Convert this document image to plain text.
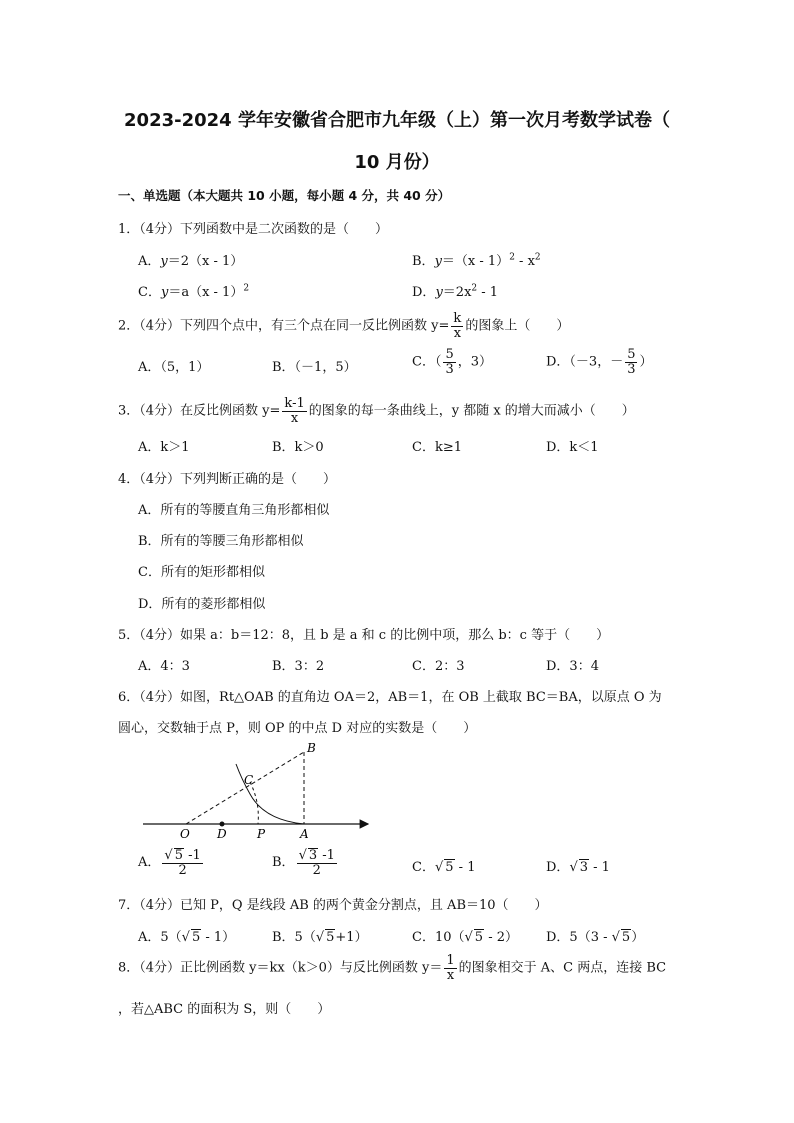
2023-2024 学年安徽省合肥市九年级（上）第一次月考数学试卷（
10 月份）
一、单选题（本大题共 10 小题，每小题 4 分，共 40 分）
1．（4分）下列函数中是二次函数的是（　　）
A．y＝2（x - 1）	B．$y=(x - 1)^2 - x^2$
C．y＝a（x - 1）$^2$	D．$y=2x^2 - 1$
2．（4分）下列四个点中，有三个点在同一反比例函数 $y= \frac{k}{x}$ 的图象上（　　）
A．（5，1）	B．（－1，5）	C．（ $\frac{5}{3}$ ，3）	D．（－3，－ $\frac{5}{3}$ ）
3．（4分）在反比例函数 $y= \frac{k-1}{x}$ 的图象的每一条曲线上，y 都随 x 的增大而减小（　　）
A．k＞1	B．k＞0	C．k≥1	D．k＜1
4．（4分）下列判断正确的是（　　）
A．所有的等腰直角三角形都相似
B．所有的等腰三角形都相似
C．所有的矩形都相似
D．所有的菱形都相似
5．（4分）如果 a：b＝12：8，且 b 是 a 和 c 的比例中项，那么 b：c 等于（　　）
A．4：3	B．3：2	C．2：3	D．3：4
6．（4分）如图，Rt△OAB 的直角边 OA＝2，AB＝1，在 OB 上截取 BC＝BA，以原点 O 为
圆心，交数轴于点 P，则 OP 的中点 D 对应的实数是（　　）
B
C
O D	P	A
A． $\frac{√ 5 -1}{2}$	B． $\frac{√ 3 -1}{2}$	C．√ 5 - 1	D．√ 3 - 1
7．（4分）已知 P，Q 是线段 AB 的两个黄金分割点，且 AB＝10（　　）
A．5（√ 5 - 1）	B．5（√ 5+1）	C．10（√ 5 - 2） D．5（3 - √ 5）
8．（4分）正比例函数 y＝kx（k＞0）与反比例函数 $y= \frac{1}{x}$ 的图象相交于 A、C 两点，连接 BC
，若△ABC 的面积为 S，则（　　）
